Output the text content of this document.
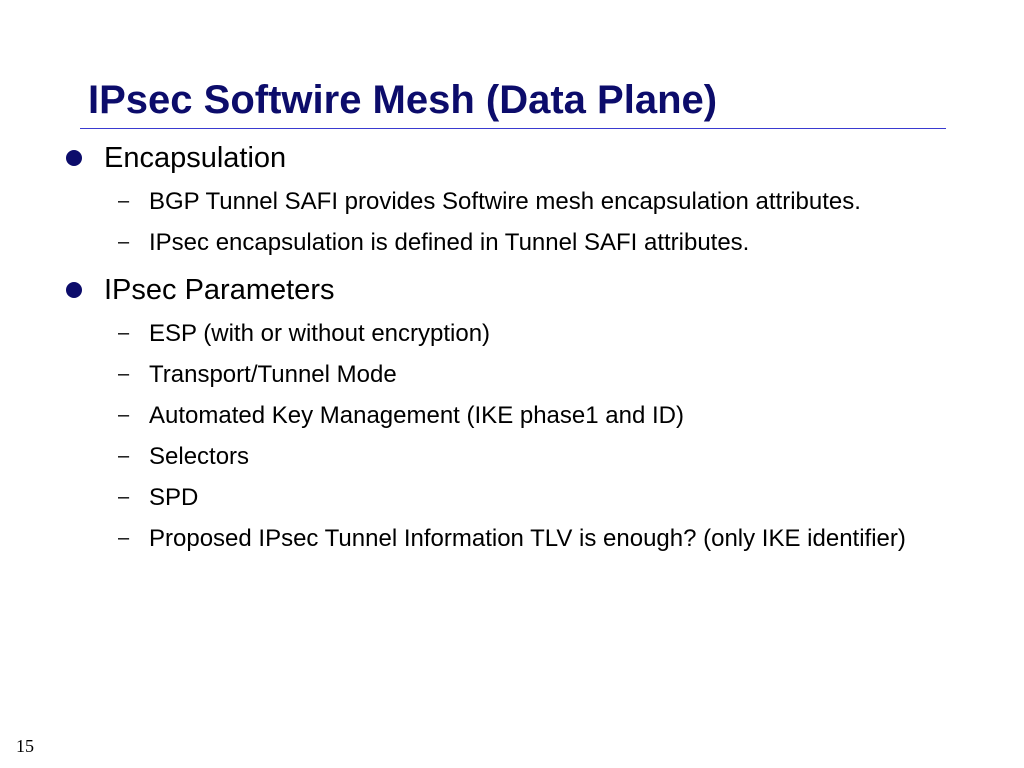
IPsec Softwire Mesh (Data Plane)
Encapsulation
– BGP Tunnel SAFI provides Softwire mesh encapsulation attributes.
– IPsec encapsulation is defined in Tunnel SAFI attributes.
IPsec Parameters
– ESP (with or without encryption)
– Transport/Tunnel Mode
– Automated Key Management (IKE phase1 and ID)
– Selectors
– SPD
– Proposed IPsec Tunnel Information TLV is enough? (only IKE identifier)
15
